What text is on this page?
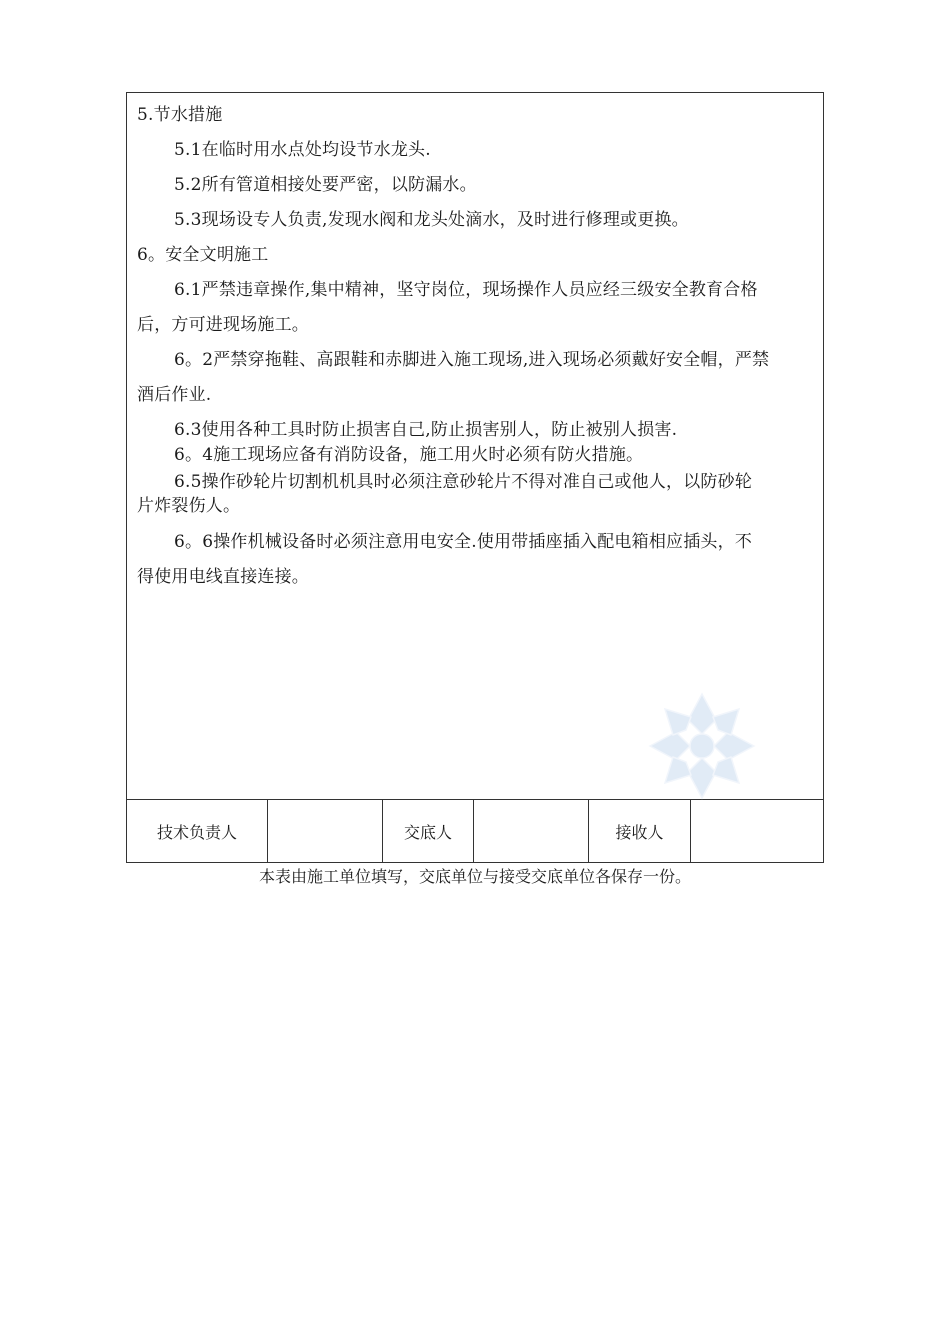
5.节水措施
5.1在临时用水点处均设节水龙头.
5.2所有管道相接处要严密，以防漏水。
5.3现场设专人负责,发现水阀和龙头处滴水，及时进行修理或更换。
6。安全文明施工
6.1严禁违章操作,集中精神，坚守岗位，现场操作人员应经三级安全教育合格
后，方可进现场施工。
6。2严禁穿拖鞋、高跟鞋和赤脚进入施工现场,进入现场必须戴好安全帽，严禁
酒后作业.
6.3使用各种工具时防止损害自己,防止损害别人，防止被别人损害.
6。4施工现场应备有消防设备，施工用火时必须有防火措施。
6.5操作砂轮片切割机机具时必须注意砂轮片不得对准自己或他人，以防砂轮
片炸裂伤人。
6。6操作机械设备时必须注意用电安全.使用带插座插入配电箱相应插头，不
得使用电线直接连接。
技术负责人	交底人	接收人
本表由施工单位填写，交底单位与接受交底单位各保存一份。
